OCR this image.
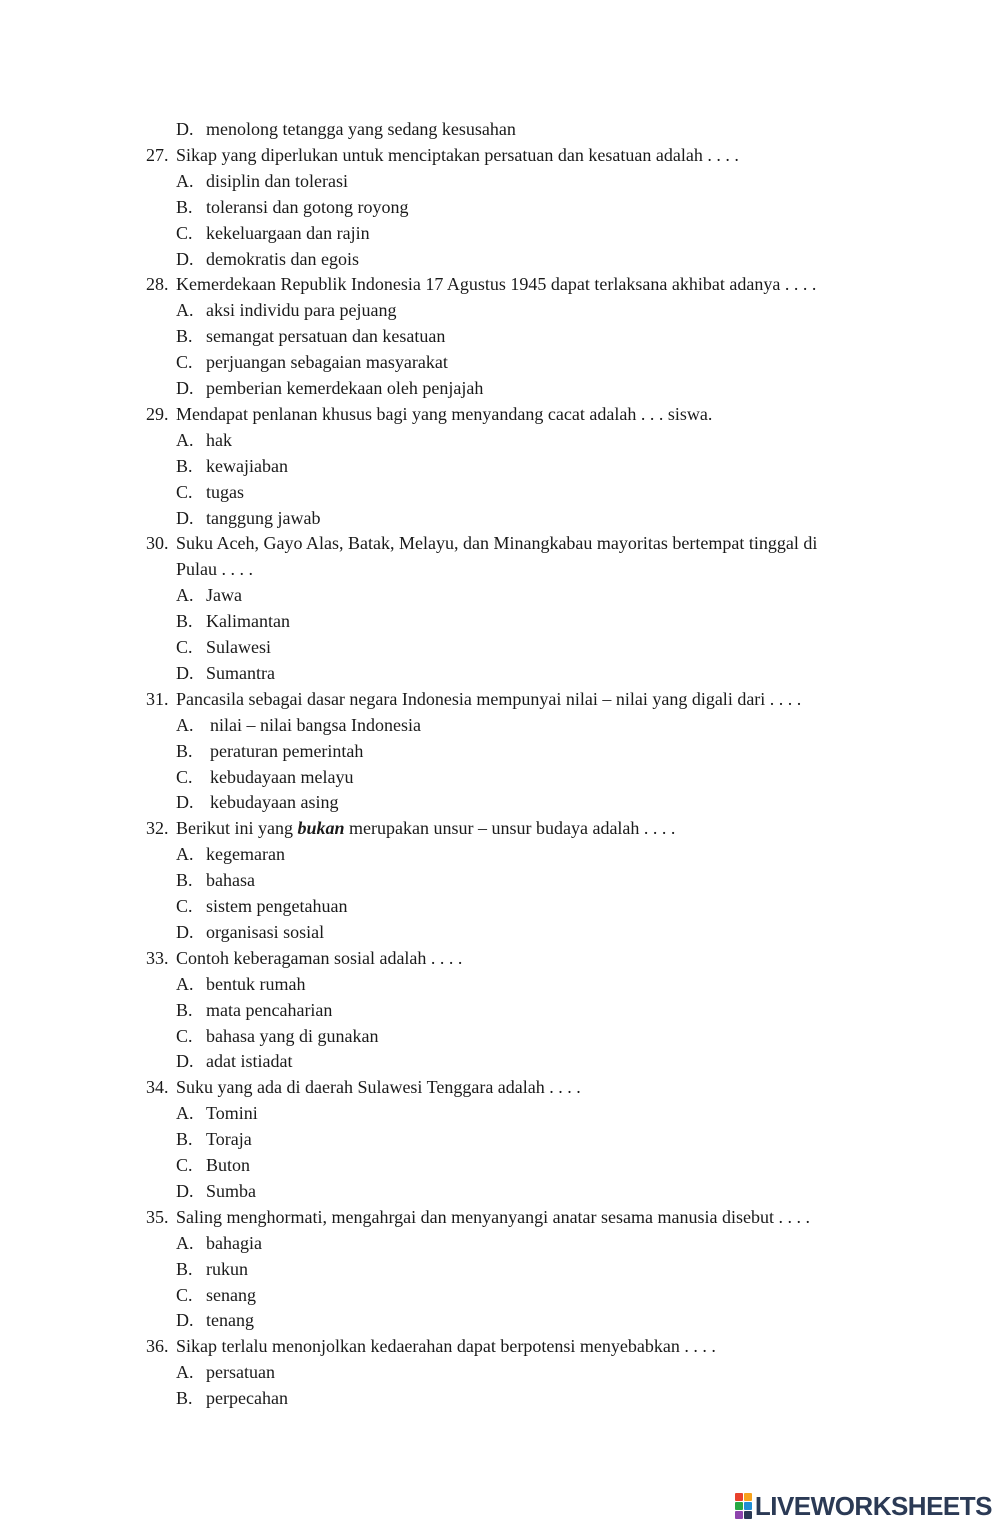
D. menolong tetangga yang sedang kesusahan
27. Sikap yang diperlukan untuk menciptakan persatuan dan kesatuan adalah . . . .
A. disiplin dan tolerasi
B. toleransi dan gotong royong
C. kekeluargaan dan rajin
D. demokratis dan egois
28. Kemerdekaan Republik Indonesia 17 Agustus 1945 dapat terlaksana akhibat adanya . . . .
A. aksi individu para pejuang
B. semangat persatuan dan kesatuan
C. perjuangan sebagaian masyarakat
D. pemberian kemerdekaan oleh penjajah
29. Mendapat penlanan khusus bagi yang menyandang cacat adalah . . . siswa.
A. hak
B. kewajiaban
C. tugas
D. tanggung jawab
30. Suku Aceh, Gayo Alas, Batak, Melayu, dan Minangkabau mayoritas bertempat tinggal di
Pulau . . . .
A. Jawa
B. Kalimantan
C. Sulawesi
D. Sumantra
31. Pancasila sebagai dasar negara Indonesia mempunyai nilai – nilai yang digali dari . . . .
A. nilai – nilai bangsa Indonesia
B. peraturan pemerintah
C. kebudayaan melayu
D. kebudayaan asing
32. Berikut ini yang bukan merupakan unsur – unsur budaya adalah . . . .
A. kegemaran
B. bahasa
C. sistem pengetahuan
D. organisasi sosial
33. Contoh keberagaman sosial adalah . . . .
A. bentuk rumah
B. mata pencaharian
C. bahasa yang di gunakan
D. adat istiadat
34. Suku yang ada di daerah Sulawesi Tenggara adalah . . . .
A. Tomini
B. Toraja
C. Buton
D. Sumba
35. Saling menghormati, mengahrgai dan menyanyangi anatar sesama manusia disebut . . . .
A. bahagia
B. rukun
C. senang
D. tenang
36. Sikap terlalu menonjolkan kedaerahan dapat berpotensi menyebabkan . . . .
A. persatuan
B. perpecahan
LIVEWORKSHEETS
